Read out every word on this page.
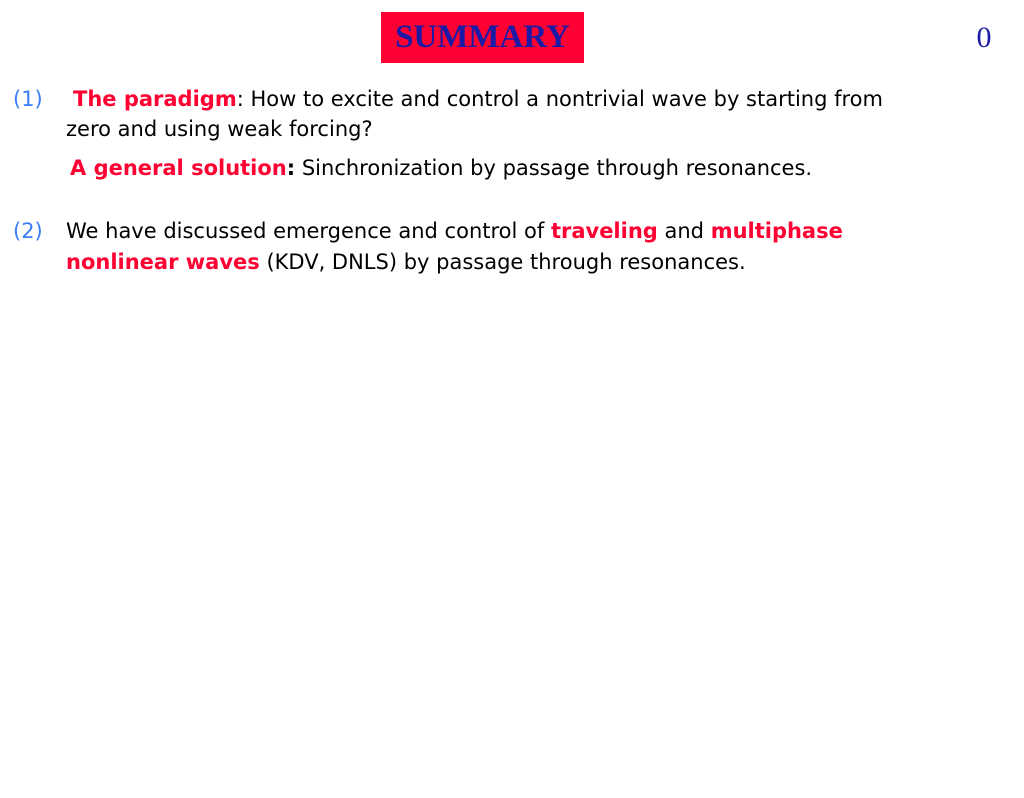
SUMMARY	0
(1) The paradigm: How to excite and control a nontrivial wave by starting from
zero and using weak forcing?
A general solution: Sinchronization by passage through resonances.
(2) We have discussed emergence and control of traveling and multiphase
nonlinear waves (KDV, DNLS) by passage through resonances.
